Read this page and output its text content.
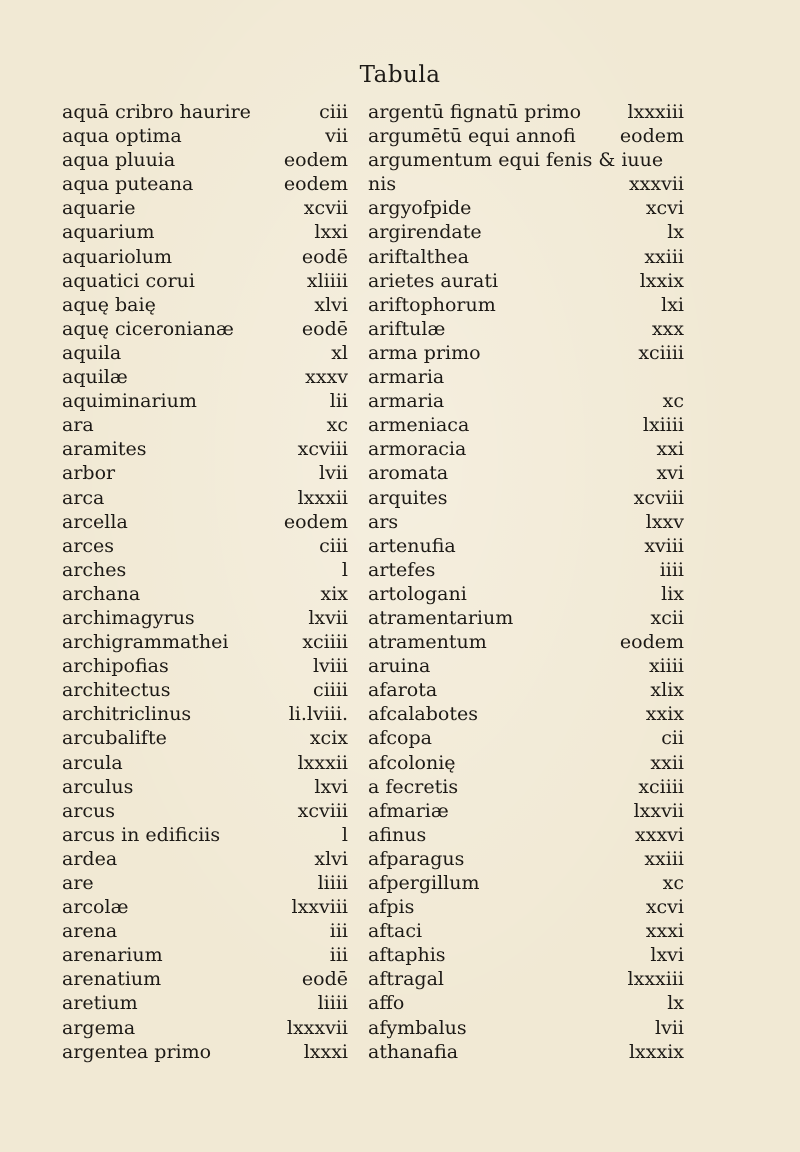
Tabula
aquā cribro haurire
aqua optima
aqua pluuia
aqua puteana
aquarie
aquarium
aquariolum
aquatici corui
aquę baię
aquę ciceronianæ
aquila
aquilæ
aquiminarium
ara
aramites
arbor
arca
arcella
arces
arches
archana
archimagyrus
archigrammathei
archipofias
architectus
architriclinus
arcubalifte
arcula
arculus
arcus
arcus in edificiis
ardea
are
arcolæ
arena
arenarium
arenatium
aretium
argema
argentea primo
ciii
vii
eodem
eodem
xcvii
lxxi
eodē
xliiii
xlvi
eodē
xl
xxxv
lii
xc
xcviii
lvii
lxxxii
eodem
ciii
l
xix
lxvii
xciiii
lviii
ciiii
li.lviii.
xcix
lxxxii
lxvi
xcviii
l
xlvi
liiii
lxxviii
iii
iii
eodē
liiii
lxxxvii
lxxxi
argentū fignatū primo
argumētū equi annofi
argumentum equi fenis & iuue
nis
argyofpide
argirendate
ariftalthea
arietes aurati
ariftophorum
ariftulæ
arma primo
armaria
armaria
armeniaca
armoracia
aromata
arquites
ars
artenufia
artefes
artologani
atramentarium
atramentum
aruina
afarota
afcalabotes
afcopa
afcolonię
a fecretis
afmariæ
afinus
afparagus
afpergillum
afpis
aftaci
aftaphis
aftragal
affo
afymbalus
athanafia
lxxxiii
eodem
xxxvii
xcvi
lx
xxiii
lxxix
lxi
xxx
xciiii
xc
lxiiii
xxi
xvi
xcviii
lxxv
xviii
iiii
lix
xcii
eodem
xiiii
xlix
xxix
cii
xxii
xciiii
lxxvii
xxxvi
xxiii
xc
xcvi
xxxi
lxvi
lxxxiii
lx
lvii
lxxxix
